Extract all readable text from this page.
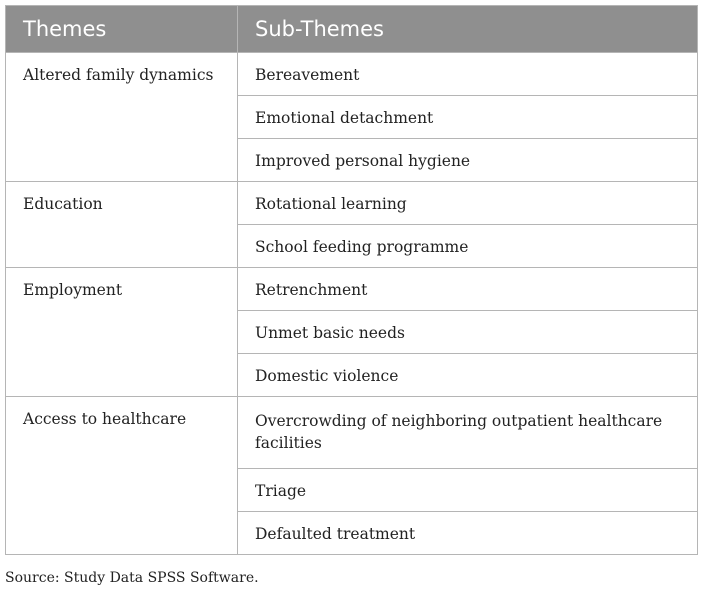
Themes	Sub-Themes
Altered family dynamics	Bereavement
	Emotional detachment
	Improved personal hygiene
Education	Rotational learning
	School feeding programme
Employment	Retrenchment
	Unmet basic needs
	Domestic violence
Access to healthcare	Overcrowding of neighboring outpatient healthcare facilities
	Triage
	Defaulted treatment
Source: Study Data SPSS Software.
